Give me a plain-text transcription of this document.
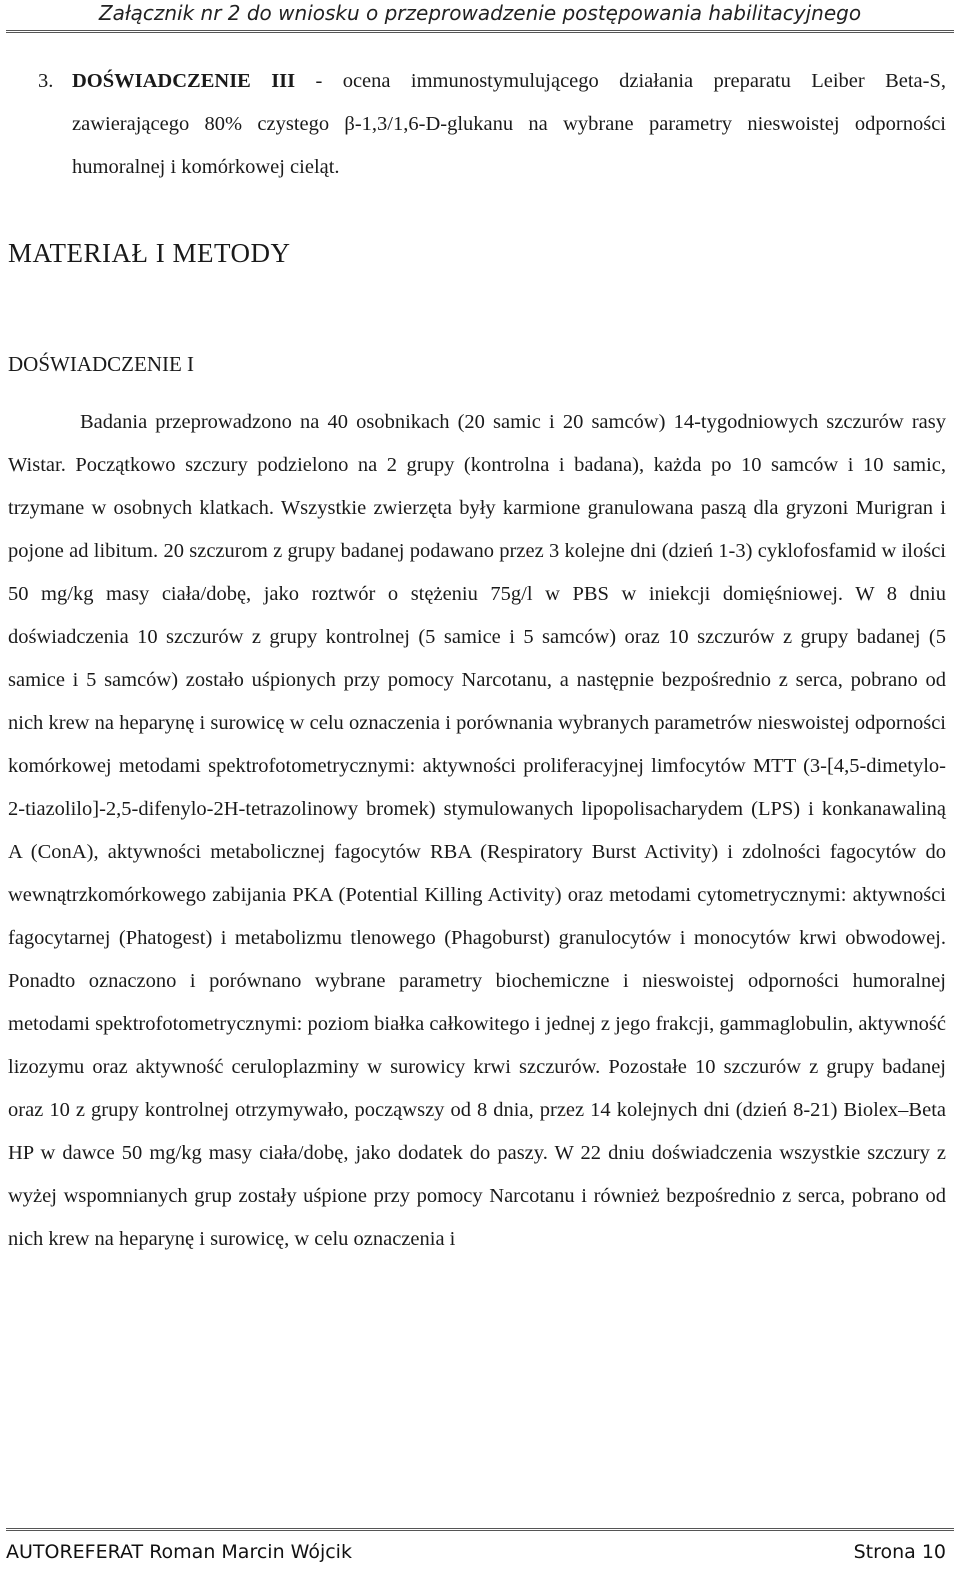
Załącznik nr 2 do wniosku o przeprowadzenie postępowania habilitacyjnego
3. DOŚWIADCZENIE III - ocena immunostymulującego działania preparatu Leiber Beta-S, zawierającego 80% czystego β-1,3/1,6-D-glukanu na wybrane parametry nieswoistej odporności humoralnej i komórkowej cieląt.
MATERIAŁ I METODY
DOŚWIADCZENIE I
Badania przeprowadzono na 40 osobnikach (20 samic i 20 samców) 14-tygodniowych szczurów rasy Wistar. Początkowo szczury podzielono na 2 grupy (kontrolna i badana), każda po 10 samców i 10 samic, trzymane w osobnych klatkach. Wszystkie zwierzęta były karmione granulowana paszą dla gryzoni Murigran i pojone ad libitum. 20 szczurom z grupy badanej podawano przez 3 kolejne dni (dzień 1-3) cyklofosfamid w ilości 50 mg/kg masy ciała/dobę, jako roztwór o stężeniu 75g/l w PBS w iniekcji domięśniowej. W 8 dniu doświadczenia 10 szczurów z grupy kontrolnej (5 samice i 5 samców) oraz 10 szczurów z grupy badanej (5 samice i 5 samców) zostało uśpionych przy pomocy Narcotanu, a następnie bezpośrednio z serca, pobrano od nich krew na heparynę i surowicę w celu oznaczenia i porównania wybranych parametrów nieswoistej odporności komórkowej metodami spektrofotometrycznymi: aktywności proliferacyjnej limfocytów MTT (3-[4,5-dimetylo-2-tiazolilo]-2,5-difenylo-2H-tetrazolinowy bromek) stymulowanych lipopolisacharydem (LPS) i konkanawaliną A (ConA), aktywności metabolicznej fagocytów RBA (Respiratory Burst Activity) i zdolności fagocytów do wewnątrzkomórkowego zabijania PKA (Potential Killing Activity) oraz metodami cytometrycznymi: aktywności fagocytarnej (Phatogest) i metabolizmu tlenowego (Phagoburst) granulocytów i monocytów krwi obwodowej. Ponadto oznaczono i porównano wybrane parametry biochemiczne i nieswoistej odporności humoralnej metodami spektrofotometrycznymi: poziom białka całkowitego i jednej z jego frakcji, gammaglobulin, aktywność lizozymu oraz aktywność ceruloplazminy w surowicy krwi szczurów. Pozostałe 10 szczurów z grupy badanej oraz 10 z grupy kontrolnej otrzymywało, począwszy od 8 dnia, przez 14 kolejnych dni (dzień 8-21) Biolex–Beta HP w dawce 50 mg/kg masy ciała/dobę, jako dodatek do paszy. W 22 dniu doświadczenia wszystkie szczury z wyżej wspomnianych grup zostały uśpione przy pomocy Narcotanu i również bezpośrednio z serca, pobrano od nich krew na heparynę i surowicę, w celu oznaczenia i
AUTOREFERAT Roman Marcin Wójcik	Strona 10
